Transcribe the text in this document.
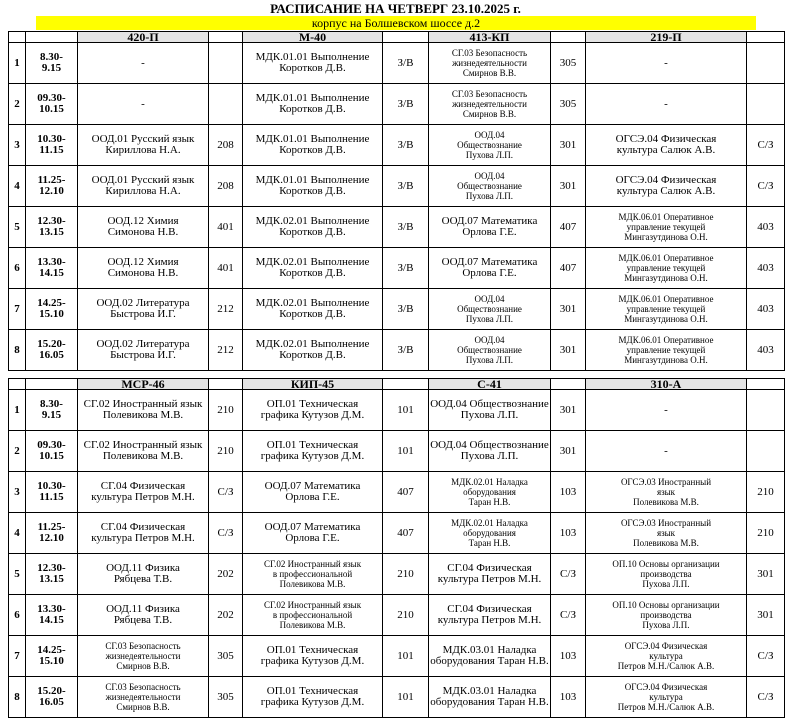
РАСПИСАНИЕ НА ЧЕТВЕРГ 23.10.2025 г.
корпус на Болшевском шоссе д.2
		420-П		М-40		413-КП		219-П	
1	8.30-
9.15	-		МДК.01.01 Выполнение
Коротков Д.В.	З/В	СГ.03 Безопасность
жизнедеятельности
Смирнов В.В.	305	-	
2	09.30-
10.15	-		МДК.01.01 Выполнение
Коротков Д.В.	З/В	СГ.03 Безопасность
жизнедеятельности
Смирнов В.В.	305	-	
3	10.30-
11.15	ООД.01 Русский язык
Кириллова Н.А.	208	МДК.01.01 Выполнение
Коротков Д.В.	З/В	ООД.04
Обществознание
Пухова Л.П.	301	ОГСЭ.04 Физическая
культура Салюк А.В.	С/З
4	11.25-
12.10	ООД.01 Русский язык
Кириллова Н.А.	208	МДК.01.01 Выполнение
Коротков Д.В.	З/В	ООД.04
Обществознание
Пухова Л.П.	301	ОГСЭ.04 Физическая
культура Салюк А.В.	С/З
5	12.30-
13.15	ООД.12 Химия
Симонова Н.В.	401	МДК.02.01 Выполнение
Коротков Д.В.	З/В	ООД.07 Математика
Орлова Г.Е.	407	МДК.06.01 Оперативное
управление текущей
Мингазутдинова О.Н.	403
6	13.30-
14.15	ООД.12 Химия
Симонова Н.В.	401	МДК.02.01 Выполнение
Коротков Д.В.	З/В	ООД.07 Математика
Орлова Г.Е.	407	МДК.06.01 Оперативное
управление текущей
Мингазутдинова О.Н.	403
7	14.25-
15.10	ООД.02 Литература
Быстрова И.Г.	212	МДК.02.01 Выполнение
Коротков Д.В.	З/В	ООД.04
Обществознание
Пухова Л.П.	301	МДК.06.01 Оперативное
управление текущей
Мингазутдинова О.Н.	403
8	15.20-
16.05	ООД.02 Литература
Быстрова И.Г.	212	МДК.02.01 Выполнение
Коротков Д.В.	З/В	ООД.04
Обществознание
Пухова Л.П.	301	МДК.06.01 Оперативное
управление текущей
Мингазутдинова О.Н.	403
		МСР-46		КИП-45		С-41		310-А	
1	8.30-
9.15	СГ.02 Иностранный язык
Полевикова М.В.	210	ОП.01 Техническая
графика Кутузов Д.М.	101	ООД.04 Обществознание
Пухова Л.П.	301	-	
2	09.30-
10.15	СГ.02 Иностранный язык
Полевикова М.В.	210	ОП.01 Техническая
графика Кутузов Д.М.	101	ООД.04 Обществознание
Пухова Л.П.	301	-	
3	10.30-
11.15	СГ.04 Физическая
культура Петров М.Н.	С/З	ООД.07 Математика
Орлова Г.Е.	407	МДК.02.01 Наладка
оборудования
Таран Н.В.	103	ОГСЭ.03 Иностранный
язык
Полевикова М.В.	210
4	11.25-
12.10	СГ.04 Физическая
культура Петров М.Н.	С/З	ООД.07 Математика
Орлова Г.Е.	407	МДК.02.01 Наладка
оборудования
Таран Н.В.	103	ОГСЭ.03 Иностранный
язык
Полевикова М.В.	210
5	12.30-
13.15	ООД.11 Физика
Рябцева Т.В.	202	СГ.02 Иностранный язык
в профессиональной
Полевикова М.В.	210	СГ.04 Физическая
культура Петров М.Н.	С/З	ОП.10 Основы организации
производства
Пухова Л.П.	301
6	13.30-
14.15	ООД.11 Физика
Рябцева Т.В.	202	СГ.02 Иностранный язык
в профессиональной
Полевикова М.В.	210	СГ.04 Физическая
культура Петров М.Н.	С/З	ОП.10 Основы организации
производства
Пухова Л.П.	301
7	14.25-
15.10	СГ.03 Безопасность
жизнедеятельности
Смирнов В.В.	305	ОП.01 Техническая
графика Кутузов Д.М.	101	МДК.03.01 Наладка
оборудования Таран Н.В.	103	ОГСЭ.04 Физическая
культура
Петров М.Н./Салюк А.В.	С/З
8	15.20-
16.05	СГ.03 Безопасность
жизнедеятельности
Смирнов В.В.	305	ОП.01 Техническая
графика Кутузов Д.М.	101	МДК.03.01 Наладка
оборудования Таран Н.В.	103	ОГСЭ.04 Физическая
культура
Петров М.Н./Салюк А.В.	С/З
